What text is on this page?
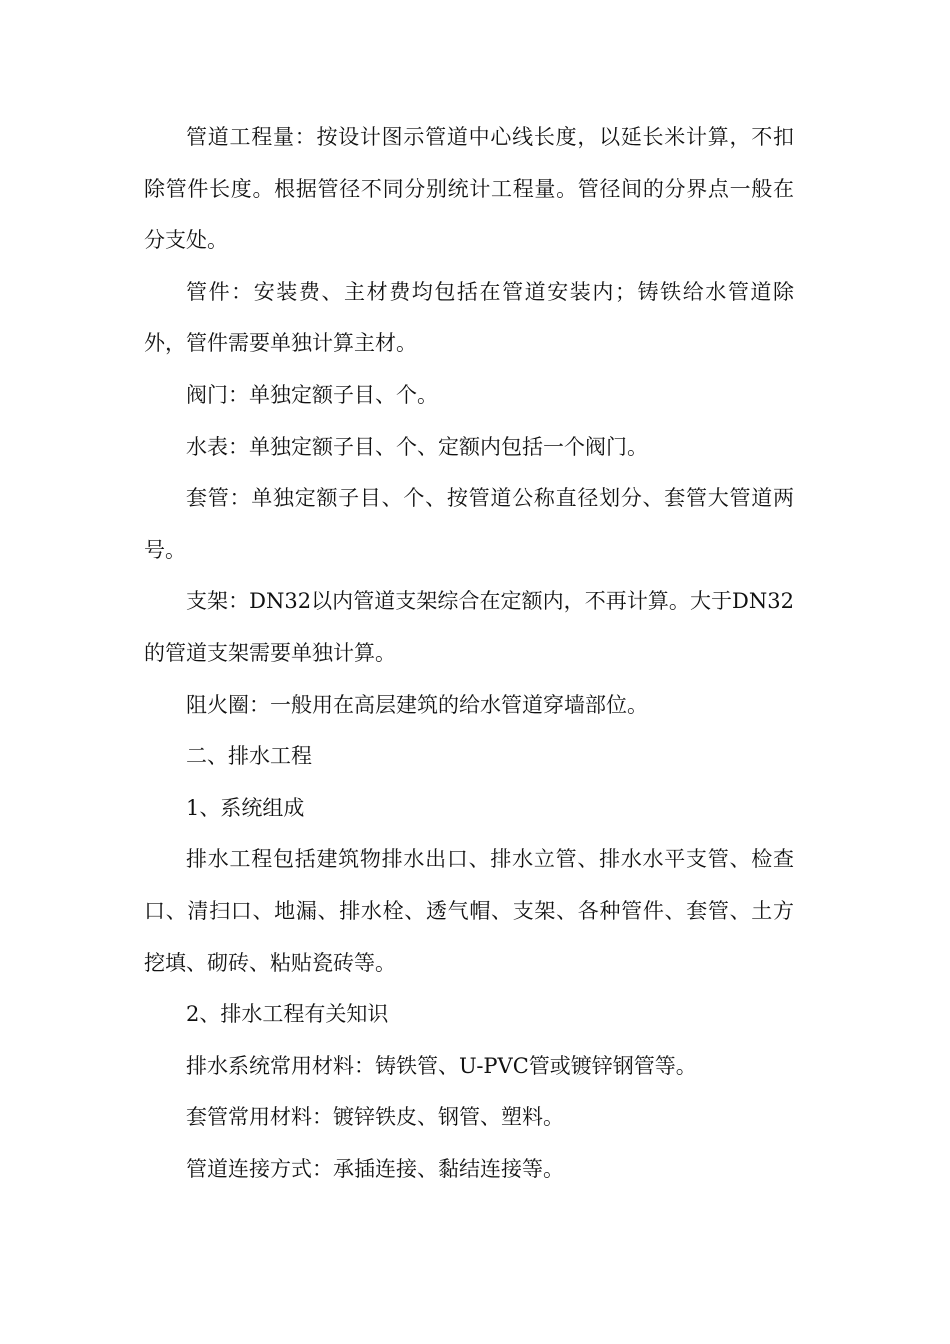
管道工程量：按设计图示管道中心线长度，以延长米计算，不扣除管件长度。根据管径不同分别统计工程量。管径间的分界点一般在分支处。

管件：安装费、主材费均包括在管道安装内；铸铁给水管道除外，管件需要单独计算主材。

阀门：单独定额子目、个。

水表：单独定额子目、个、定额内包括一个阀门。

套管：单独定额子目、个、按管道公称直径划分、套管大管道两号。

支架：DN32以内管道支架综合在定额内，不再计算。大于DN32的管道支架需要单独计算。

阻火圈：一般用在高层建筑的给水管道穿墙部位。

二、排水工程

1、系统组成

排水工程包括建筑物排水出口、排水立管、排水水平支管、检查口、清扫口、地漏、排水栓、透气帽、支架、各种管件、套管、土方挖填、砌砖、粘贴瓷砖等。

2、排水工程有关知识

排水系统常用材料：铸铁管、U-PVC管或镀锌钢管等。

套管常用材料：镀锌铁皮、钢管、塑料。

管道连接方式：承插连接、黏结连接等。
